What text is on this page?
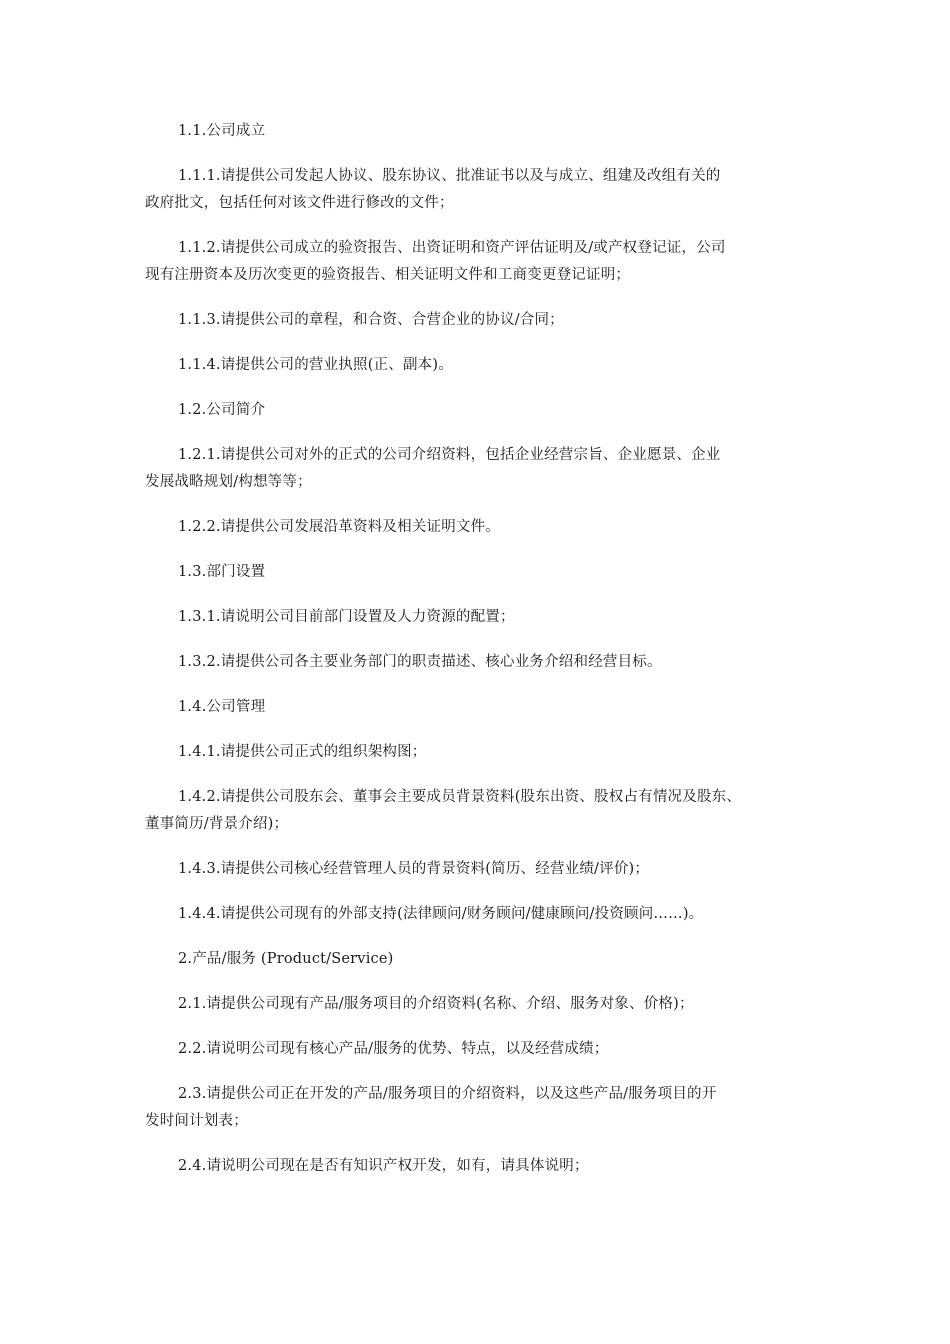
1.1.公司成立

1.1.1.请提供公司发起人协议、股东协议、批准证书以及与成立、组建及改组有关的
政府批文，包括任何对该文件进行修改的文件；

1.1.2.请提供公司成立的验资报告、出资证明和资产评估证明及/或产权登记证，公司
现有注册资本及历次变更的验资报告、相关证明文件和工商变更登记证明；

1.1.3.请提供公司的章程，和合资、合营企业的协议/合同；

1.1.4.请提供公司的营业执照(正、副本)。

1.2.公司简介

1.2.1.请提供公司对外的正式的公司介绍资料，包括企业经营宗旨、企业愿景、企业
发展战略规划/构想等等；

1.2.2.请提供公司发展沿革资料及相关证明文件。

1.3.部门设置

1.3.1.请说明公司目前部门设置及人力资源的配置；

1.3.2.请提供公司各主要业务部门的职责描述、核心业务介绍和经营目标。

1.4.公司管理

1.4.1.请提供公司正式的组织架构图；

1.4.2.请提供公司股东会、董事会主要成员背景资料(股东出资、股权占有情况及股东、
董事简历/背景介绍)；

1.4.3.请提供公司核心经营管理人员的背景资料(简历、经营业绩/评价)；

1.4.4.请提供公司现有的外部支持(法律顾问/财务顾问/健康顾问/投资顾问……)。

2.产品/服务 (Product/Service)

2.1.请提供公司现有产品/服务项目的介绍资料(名称、介绍、服务对象、价格)；

2.2.请说明公司现有核心产品/服务的优势、特点，以及经营成绩；

2.3.请提供公司正在开发的产品/服务项目的介绍资料，以及这些产品/服务项目的开
发时间计划表；

2.4.请说明公司现在是否有知识产权开发，如有，请具体说明；
